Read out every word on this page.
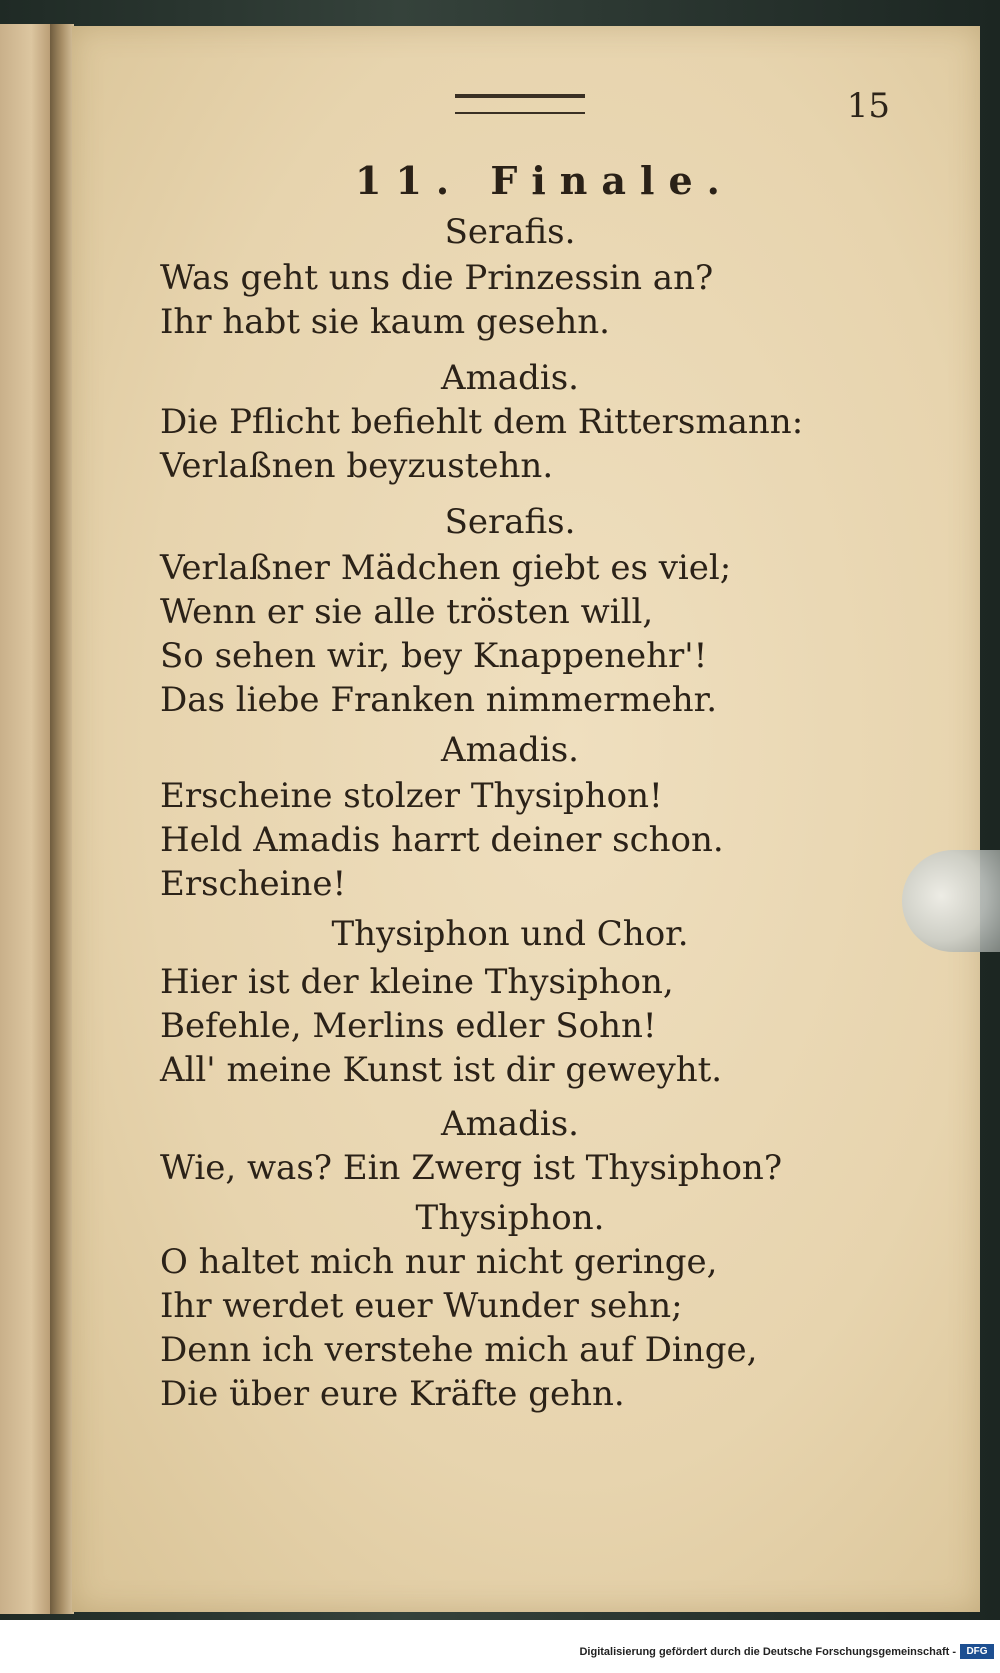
15
11. Finale.
Serafis.
Was geht uns die Prinzessin an?
Ihr habt sie kaum gesehn.
Amadis.
Die Pflicht befiehlt dem Rittersmann:
Verlaßnen beyzustehn.
Serafis.
Verlaßner Mädchen giebt es viel;
Wenn er sie alle trösten will,
So sehen wir, bey Knappenehr'!
Das liebe Franken nimmermehr.
Amadis.
Erscheine stolzer Thysiphon!
Held Amadis harrt deiner schon.
Erscheine!
Thysiphon und Chor.
Hier ist der kleine Thysiphon,
Befehle, Merlins edler Sohn!
All' meine Kunst ist dir geweyht.
Amadis.
Wie, was? Ein Zwerg ist Thysiphon?
Thysiphon.
O haltet mich nur nicht geringe,
Ihr werdet euer Wunder sehn;
Denn ich verstehe mich auf Dinge,
Die über eure Kräfte gehn.
Digitalisierung gefördert durch die Deutsche Forschungsgemeinschaft -	DFG
